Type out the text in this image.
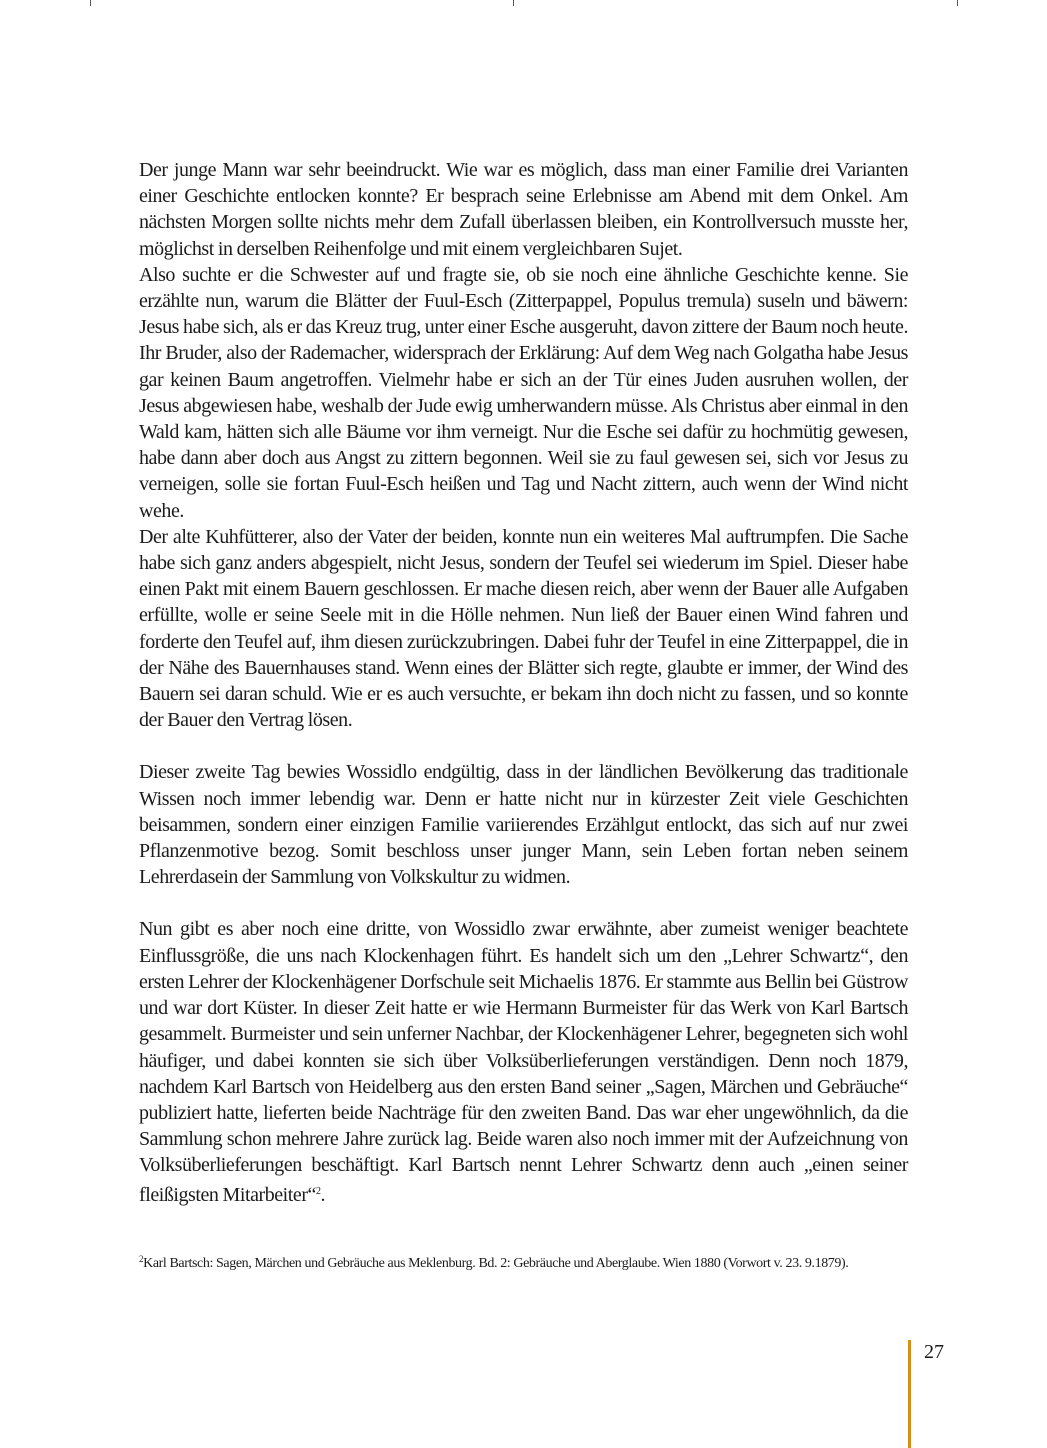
Der junge Mann war sehr beeindruckt. Wie war es möglich, dass man einer Familie drei Varianten einer Geschichte entlocken konnte? Er besprach seine Erlebnisse am Abend mit dem Onkel. Am nächsten Morgen sollte nichts mehr dem Zufall überlassen bleiben, ein Kontrollversuch musste her, möglichst in derselben Reihenfolge und mit einem vergleichbaren Sujet.

Also suchte er die Schwester auf und fragte sie, ob sie noch eine ähnliche Geschichte kenne. Sie erzählte nun, warum die Blätter der Fuul-Esch (Zitterpappel, Populus tremula) suseln und bäwern: Jesus habe sich, als er das Kreuz trug, unter einer Esche ausgeruht, davon zittere der Baum noch heute. Ihr Bruder, also der Rademacher, widersprach der Erklärung: Auf dem Weg nach Golgatha habe Jesus gar keinen Baum angetroffen. Vielmehr habe er sich an der Tür eines Juden ausruhen wollen, der Jesus abgewiesen habe, weshalb der Jude ewig umherwandern müsse. Als Christus aber einmal in den Wald kam, hätten sich alle Bäume vor ihm verneigt. Nur die Esche sei dafür zu hochmütig gewesen, habe dann aber doch aus Angst zu zittern begonnen. Weil sie zu faul gewesen sei, sich vor Jesus zu verneigen, solle sie fortan Fuul-Esch heißen und Tag und Nacht zittern, auch wenn der Wind nicht wehe.

Der alte Kuhfütterer, also der Vater der beiden, konnte nun ein weiteres Mal auftrumpfen. Die Sache habe sich ganz anders abgespielt, nicht Jesus, sondern der Teufel sei wiederum im Spiel. Dieser habe einen Pakt mit einem Bauern geschlossen. Er mache diesen reich, aber wenn der Bauer alle Aufgaben erfüllte, wolle er seine Seele mit in die Hölle nehmen. Nun ließ der Bauer einen Wind fahren und forderte den Teufel auf, ihm diesen zurückzubringen. Dabei fuhr der Teufel in eine Zitterpappel, die in der Nähe des Bauernhauses stand. Wenn eines der Blätter sich regte, glaubte er immer, der Wind des Bauern sei daran schuld. Wie er es auch versuchte, er bekam ihn doch nicht zu fassen, und so konnte der Bauer den Vertrag lösen.

Dieser zweite Tag bewies Wossidlo endgültig, dass in der ländlichen Bevölkerung das traditionale Wissen noch immer lebendig war. Denn er hatte nicht nur in kürzester Zeit viele Geschichten beisammen, sondern einer einzigen Familie variierendes Erzählgut entlockt, das sich auf nur zwei Pflanzenmotive bezog. Somit beschloss unser junger Mann, sein Leben fortan neben seinem Lehrerdasein der Sammlung von Volkskultur zu widmen.

Nun gibt es aber noch eine dritte, von Wossidlo zwar erwähnte, aber zumeist weniger beachtete Einflussgröße, die uns nach Klockenhagen führt. Es handelt sich um den „Lehrer Schwartz“, den ersten Lehrer der Klockenhägener Dorfschule seit Michaelis 1876. Er stammte aus Bellin bei Güstrow und war dort Küster. In dieser Zeit hatte er wie Hermann Burmeister für das Werk von Karl Bartsch gesammelt. Burmeister und sein unferner Nachbar, der Klockenhägener Lehrer, begegneten sich wohl häufiger, und dabei konnten sie sich über Volksüberlieferungen verständigen. Denn noch 1879, nachdem Karl Bartsch von Heidelberg aus den ersten Band seiner „Sagen, Märchen und Gebräuche“ publiziert hatte, lieferten beide Nachträge für den zweiten Band. Das war eher ungewöhnlich, da die Sammlung schon mehrere Jahre zurück lag. Beide waren also noch immer mit der Aufzeichnung von Volksüberlieferungen beschäftigt. Karl Bartsch nennt Lehrer Schwartz denn auch „einen seiner fleißigsten Mitarbeiter“$^2$.

$^2$Karl Bartsch: Sagen, Märchen und Gebräuche aus Meklenburg. Bd. 2: Gebräuche und Aberglaube. Wien 1880 (Vorwort v. 23. 9.1879).
27
